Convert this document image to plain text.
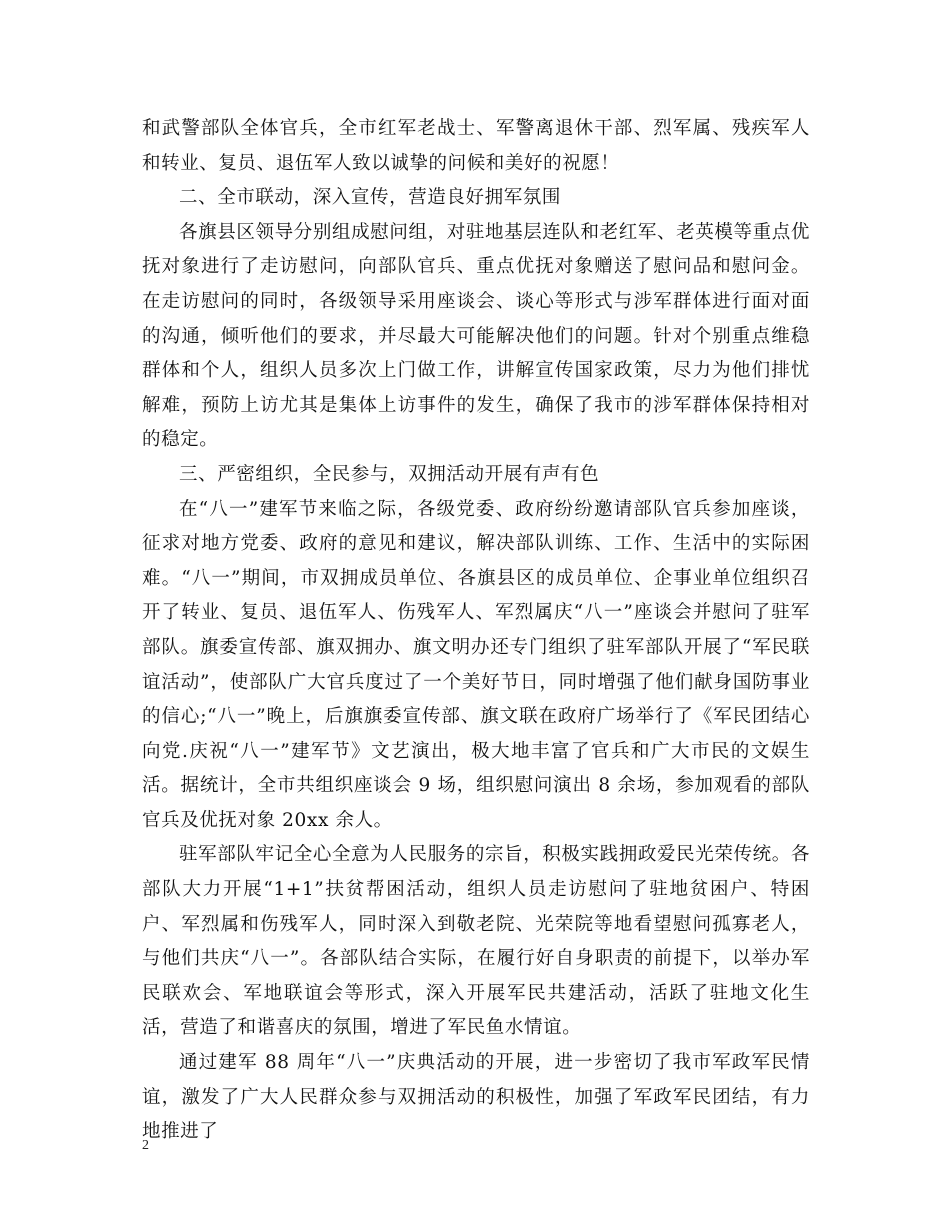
和武警部队全体官兵，全市红军老战士、军警离退休干部、烈军属、残疾军人和转业、复员、退伍军人致以诚挚的问候和美好的祝愿！

二、全市联动，深入宣传，营造良好拥军氛围

各旗县区领导分别组成慰问组，对驻地基层连队和老红军、老英模等重点优抚对象进行了走访慰问，向部队官兵、重点优抚对象赠送了慰问品和慰问金。在走访慰问的同时，各级领导采用座谈会、谈心等形式与涉军群体进行面对面的沟通，倾听他们的要求，并尽最大可能解决他们的问题。针对个别重点维稳群体和个人，组织人员多次上门做工作，讲解宣传国家政策，尽力为他们排忧解难，预防上访尤其是集体上访事件的发生，确保了我市的涉军群体保持相对的稳定。

三、严密组织，全民参与，双拥活动开展有声有色

在“八一”建军节来临之际，各级党委、政府纷纷邀请部队官兵参加座谈，征求对地方党委、政府的意见和建议，解决部队训练、工作、生活中的实际困难。“八一”期间，市双拥成员单位、各旗县区的成员单位、企事业单位组织召开了转业、复员、退伍军人、伤残军人、军烈属庆“八一”座谈会并慰问了驻军部队。旗委宣传部、旗双拥办、旗文明办还专门组织了驻军部队开展了“军民联谊活动”，使部队广大官兵度过了一个美好节日，同时增强了他们献身国防事业的信心;“八一”晚上，后旗旗委宣传部、旗文联在政府广场举行了《军民团结心向党.庆祝“八一”建军节》文艺演出，极大地丰富了官兵和广大市民的文娱生活。据统计，全市共组织座谈会 9 场，组织慰问演出 8 余场，参加观看的部队官兵及优抚对象 20xx 余人。

驻军部队牢记全心全意为人民服务的宗旨，积极实践拥政爱民光荣传统。各部队大力开展“1+1”扶贫帮困活动，组织人员走访慰问了驻地贫困户、特困户、军烈属和伤残军人，同时深入到敬老院、光荣院等地看望慰问孤寡老人，与他们共庆“八一”。各部队结合实际，在履行好自身职责的前提下，以举办军民联欢会、军地联谊会等形式，深入开展军民共建活动，活跃了驻地文化生活，营造了和谐喜庆的氛围，增进了军民鱼水情谊。

通过建军 88 周年“八一”庆典活动的开展，进一步密切了我市军政军民情谊，激发了广大人民群众参与双拥活动的积极性，加强了军政军民团结，有力地推进了

2
